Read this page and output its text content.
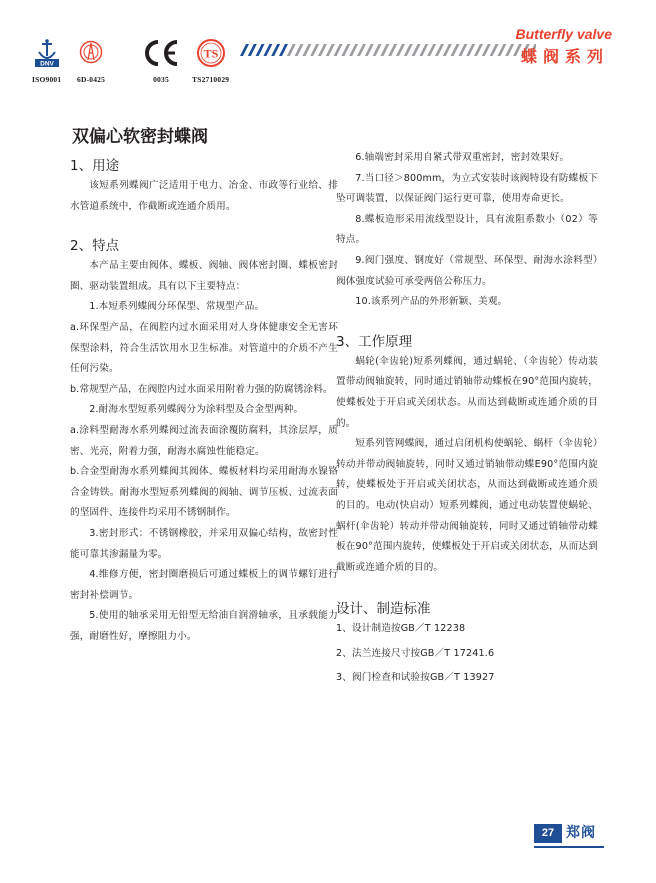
DNV
ISO9001 6D-0425	0035
TS
TS2710029
Butterfly valve
蝶阀系列
双偏心软密封蝶阀
1、用途

该短系列蝶阀广泛适用于电力、冶金、市政等行业给、排水管道系统中，作截断或连通介质用。

2、特点

本产品主要由阀体、蝶板、阀轴、阀体密封圈、蝶板密封圈、驱动装置组成。具有以下主要特点：

1.本短系列蝶阀分环保型、常规型产品。

a.环保型产品，在阀腔内过水面采用对人身体健康安全无害环保型涂料，符合生活饮用水卫生标准。对管道中的介质不产生任何污染。

b.常规型产品，在阀腔内过水面采用附着力强的防腐锈涂料。

2.耐海水型短系列蝶阀分为涂料型及合金型两种。

a.涂料型耐海水系列蝶阀过流表面涂覆防腐料，其涂层厚，质密、光亮，附着力强，耐海水腐蚀性能稳定。

b.合金型耐海水系列蝶阀其阀体、蝶板材料均采用耐海水镍铬合金铸铁。耐海水型短系列蝶阀的阀轴、调节压板、过流表面的坚固件、连接件均采用不锈钢制作。

3.密封形式：不锈钢橡胶，并采用双偏心结构，故密封性能可靠其渗漏量为零。

4.维修方便，密封圈磨损后可通过蝶板上的调节螺钉进行密封补偿调节。

5.使用的轴承采用无铅型无给油自润滑轴承，且承载能力强，耐磨性好，摩擦阻力小。

6.轴端密封采用自紧式带双重密封，密封效果好。

7.当口径＞800mm，为立式安装时该阀特设有防蝶板下坠可调装置，以保证阀门运行更可靠，使用寿命更长。

8.蝶板造形采用流线型设计，具有流阻系数小（02）等特点。

9.阀门强度、钢度好（常规型、环保型、耐海水涂料型）阀体强度试验可承受两倍公称压力。

10.该系列产品的外形新颖、美观。

3、工作原理

蜗轮(伞齿轮)短系列蝶阀，通过蜗轮、（伞齿轮）传动装置带动阀轴旋转，同时通过销轴带动蝶板在90°范围内旋转，使蝶板处于开启或关闭状态。从而达到截断或连通介质的目的。

短系列管网蝶阀，通过启闭机构使蜗轮、蜗杆（伞齿轮）转动并带动阀轴旋转，同时又通过销轴带动蝶E90°范围内旋转，使蝶板处于开启或关闭状态，从而达到截断或连通介质的目的。电动(快启动）短系列蝶阀，通过电动装置使蜗轮、蜗杆(伞齿轮）转动并带动阀轴旋转，同时又通过销轴带动蝶板在90°范围内旋转，使蝶板处于开启或关闭状态，从而达到截断或连通介质的目的。

设计、制造标准

1、设计制造按GB／T 12238

2、法兰连接尺寸按GB／T 17241.6

3、阀门检查和试验按GB／T 13927

27 郑阀
